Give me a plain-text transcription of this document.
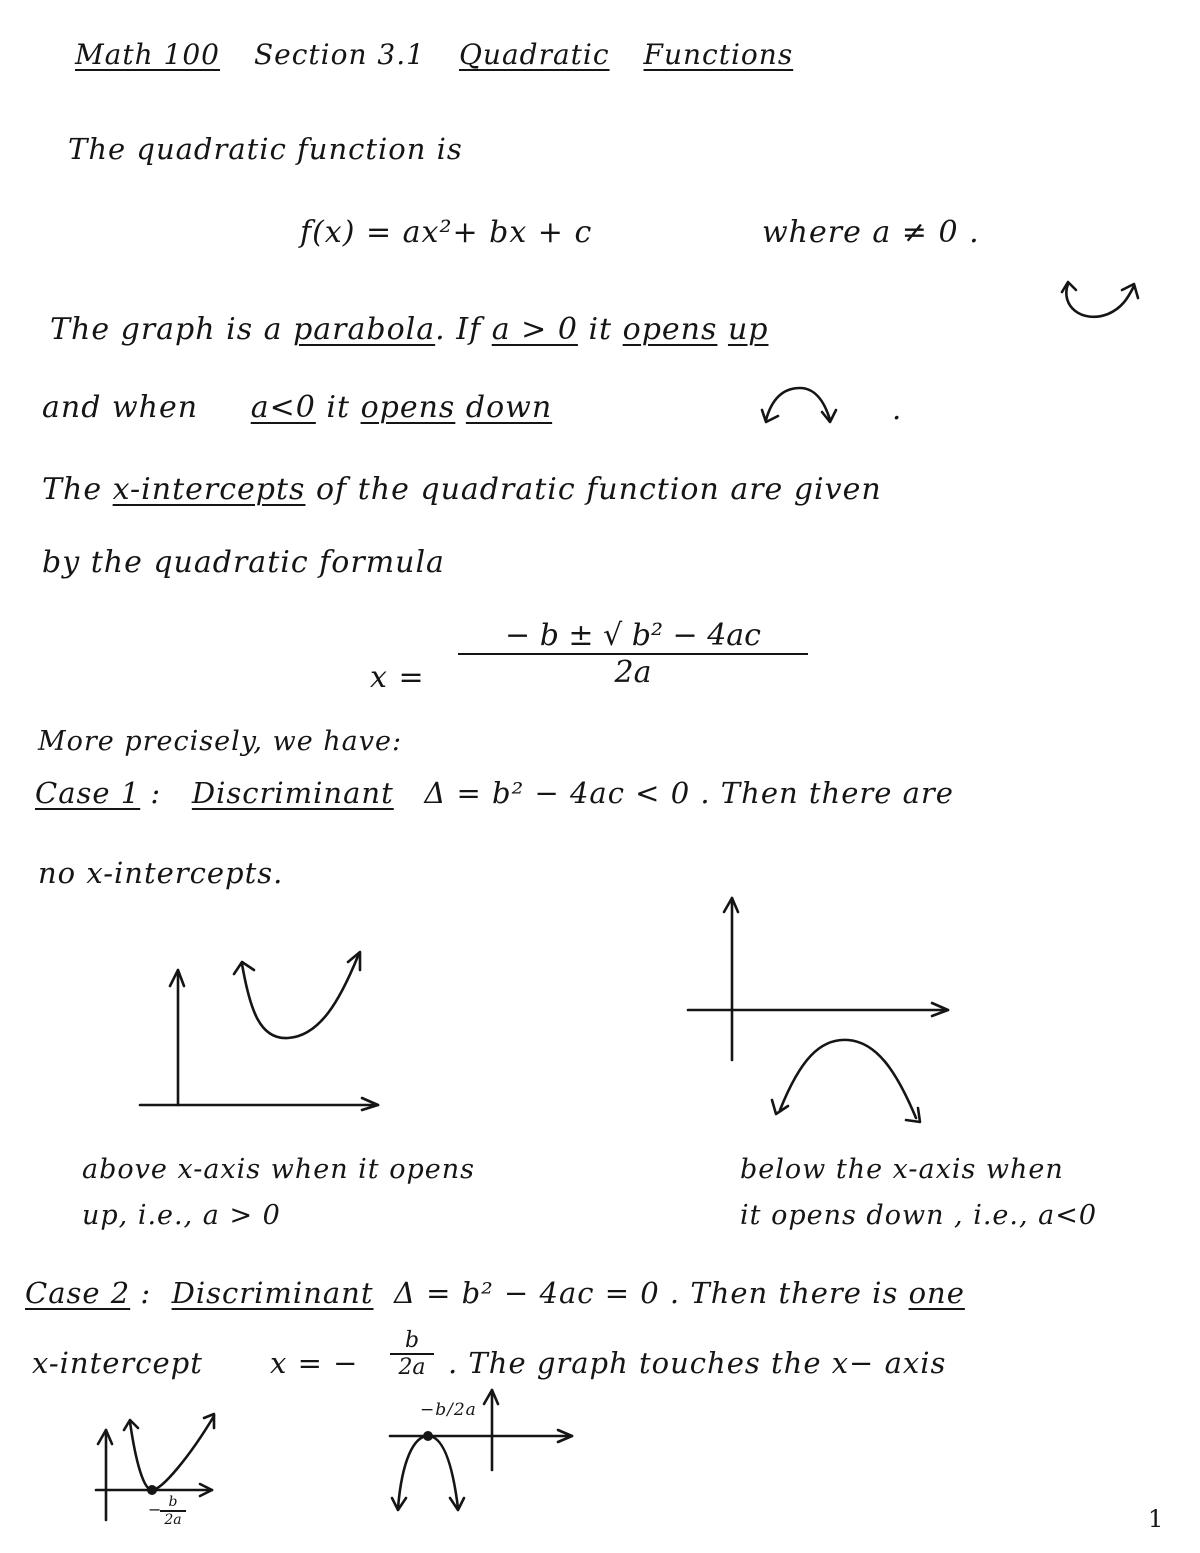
Math 100 Section 3.1 Quadratic Functions
The quadratic function is
f(x) = ax²+ bx + c	where a ≠ 0 .
The graph is a parabola. If a > 0 it opens up
and when a<0 it opens down	.
The x-intercepts of the quadratic function are given
by the quadratic formula
x =
− b ± √ b² − 4ac
2a
More precisely, we have:
Case 1 : Discriminant Δ = b² − 4ac < 0 . Then there are
no x-intercepts.
above x-axis when it opens
up, i.e., a > 0
below the x-axis when
it opens down , i.e., a<0
Case 2 : Discriminant Δ = b² − 4ac = 0 . Then there is one
x-intercept x = −
b
2a . The graph touches the x− axis
b
2a
−
−b/2a
1
